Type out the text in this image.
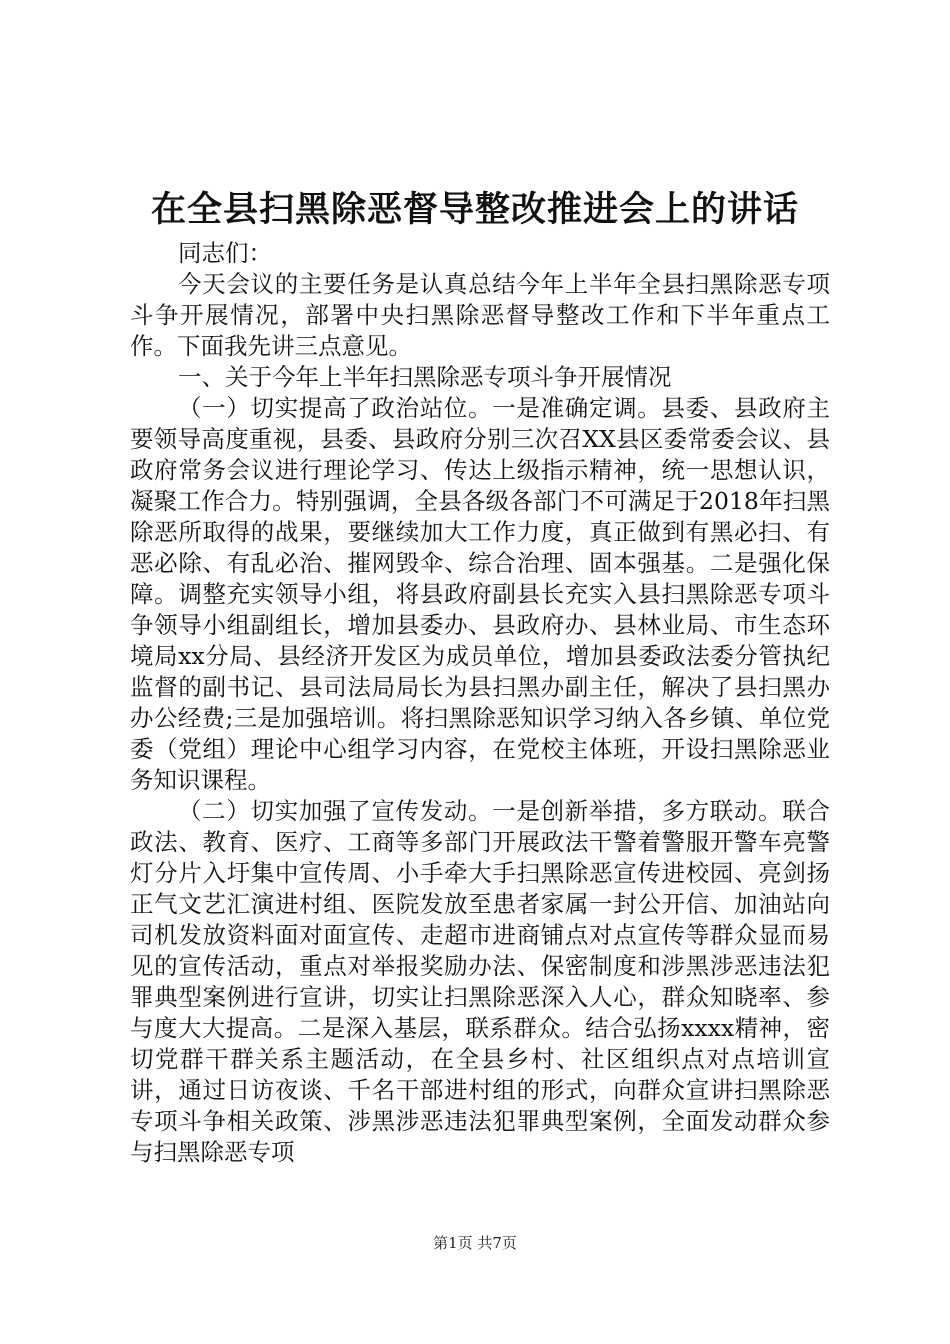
在全县扫黑除恶督导整改推进会上的讲话

同志们：

今天会议的主要任务是认真总结今年上半年全县扫黑除恶专项斗争开展情况，部署中央扫黑除恶督导整改工作和下半年重点工作。下面我先讲三点意见。

一、关于今年上半年扫黑除恶专项斗争开展情况

（一）切实提高了政治站位。一是准确定调。县委、县政府主要领导高度重视，县委、县政府分别三次召XX县区委常委会议、县政府常务会议进行理论学习、传达上级指示精神，统一思想认识，凝聚工作合力。特别强调，全县各级各部门不可满足于2018年扫黑除恶所取得的战果，要继续加大工作力度，真正做到有黑必扫、有恶必除、有乱必治、摧网毁伞、综合治理、固本强基。二是强化保障。调整充实领导小组，将县政府副县长充实入县扫黑除恶专项斗争领导小组副组长，增加县委办、县政府办、县林业局、市生态环境局xx分局、县经济开发区为成员单位，增加县委政法委分管执纪监督的副书记、县司法局局长为县扫黑办副主任，解决了县扫黑办办公经费;三是加强培训。将扫黑除恶知识学习纳入各乡镇、单位党委（党组）理论中心组学习内容，在党校主体班，开设扫黑除恶业务知识课程。

（二）切实加强了宣传发动。一是创新举措，多方联动。联合政法、教育、医疗、工商等多部门开展政法干警着警服开警车亮警灯分片入圩集中宣传周、小手牵大手扫黑除恶宣传进校园、亮剑扬正气文艺汇演进村组、医院发放至患者家属一封公开信、加油站向司机发放资料面对面宣传、走超市进商铺点对点宣传等群众显而易见的宣传活动，重点对举报奖励办法、保密制度和涉黑涉恶违法犯罪典型案例进行宣讲，切实让扫黑除恶深入人心，群众知晓率、参与度大大提高。二是深入基层，联系群众。结合弘扬xxxx精神，密切党群干群关系主题活动，在全县乡村、社区组织点对点培训宣讲，通过日访夜谈、千名干部进村组的形式，向群众宣讲扫黑除恶专项斗争相关政策、涉黑涉恶违法犯罪典型案例，全面发动群众参与扫黑除恶专项

第1页 共7页
